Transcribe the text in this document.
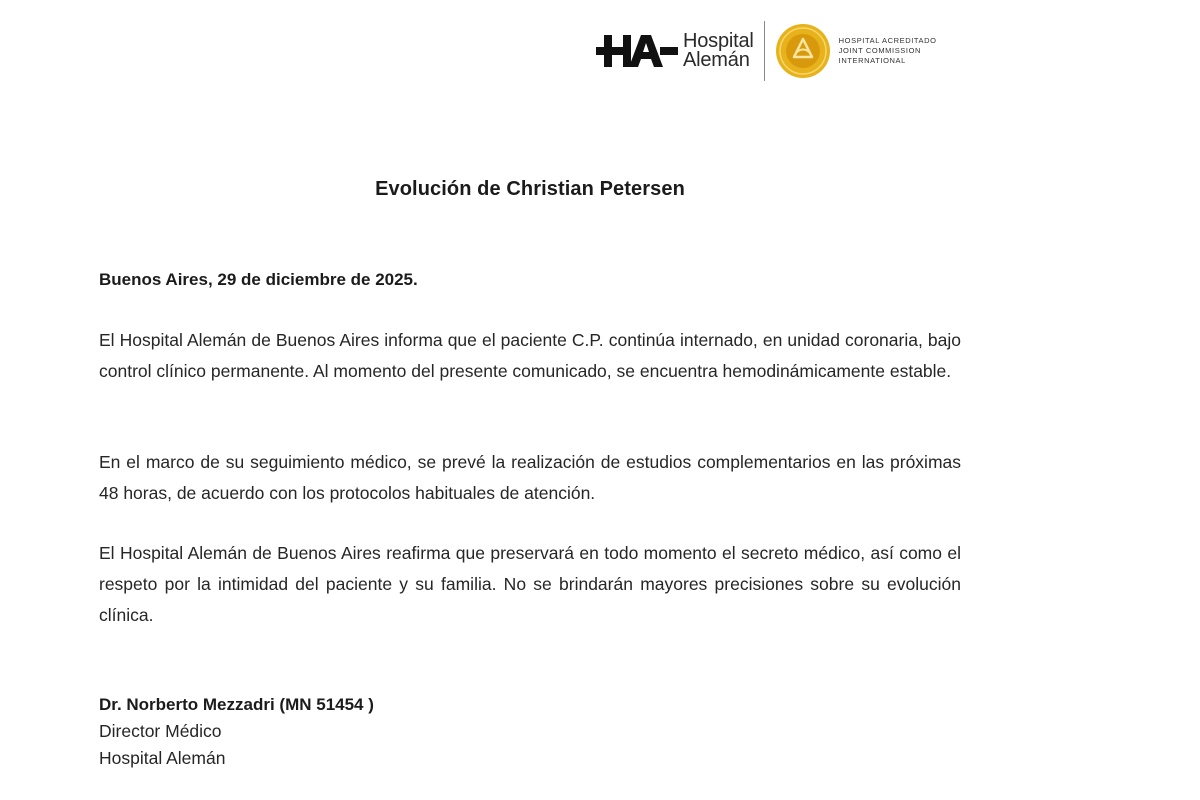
Hospital
Alemán
HOSPITAL ACREDITADO
JOINT COMMISSION
INTERNATIONAL
Evolución de Christian Petersen

Buenos Aires, 29 de diciembre de 2025.

El Hospital Alemán de Buenos Aires informa que el paciente C.P. continúa internado, en unidad coronaria, bajo control clínico permanente. Al momento del presente comunicado, se encuentra hemodinámicamente estable.

En el marco de su seguimiento médico, se prevé la realización de estudios complementarios en las próximas 48 horas, de acuerdo con los protocolos habituales de atención.

El Hospital Alemán de Buenos Aires reafirma que preservará en todo momento el secreto médico, así como el respeto por la intimidad del paciente y su familia. No se brindarán mayores precisiones sobre su evolución clínica.

Dr. Norberto Mezzadri (MN 51454 )
Director Médico
Hospital Alemán
